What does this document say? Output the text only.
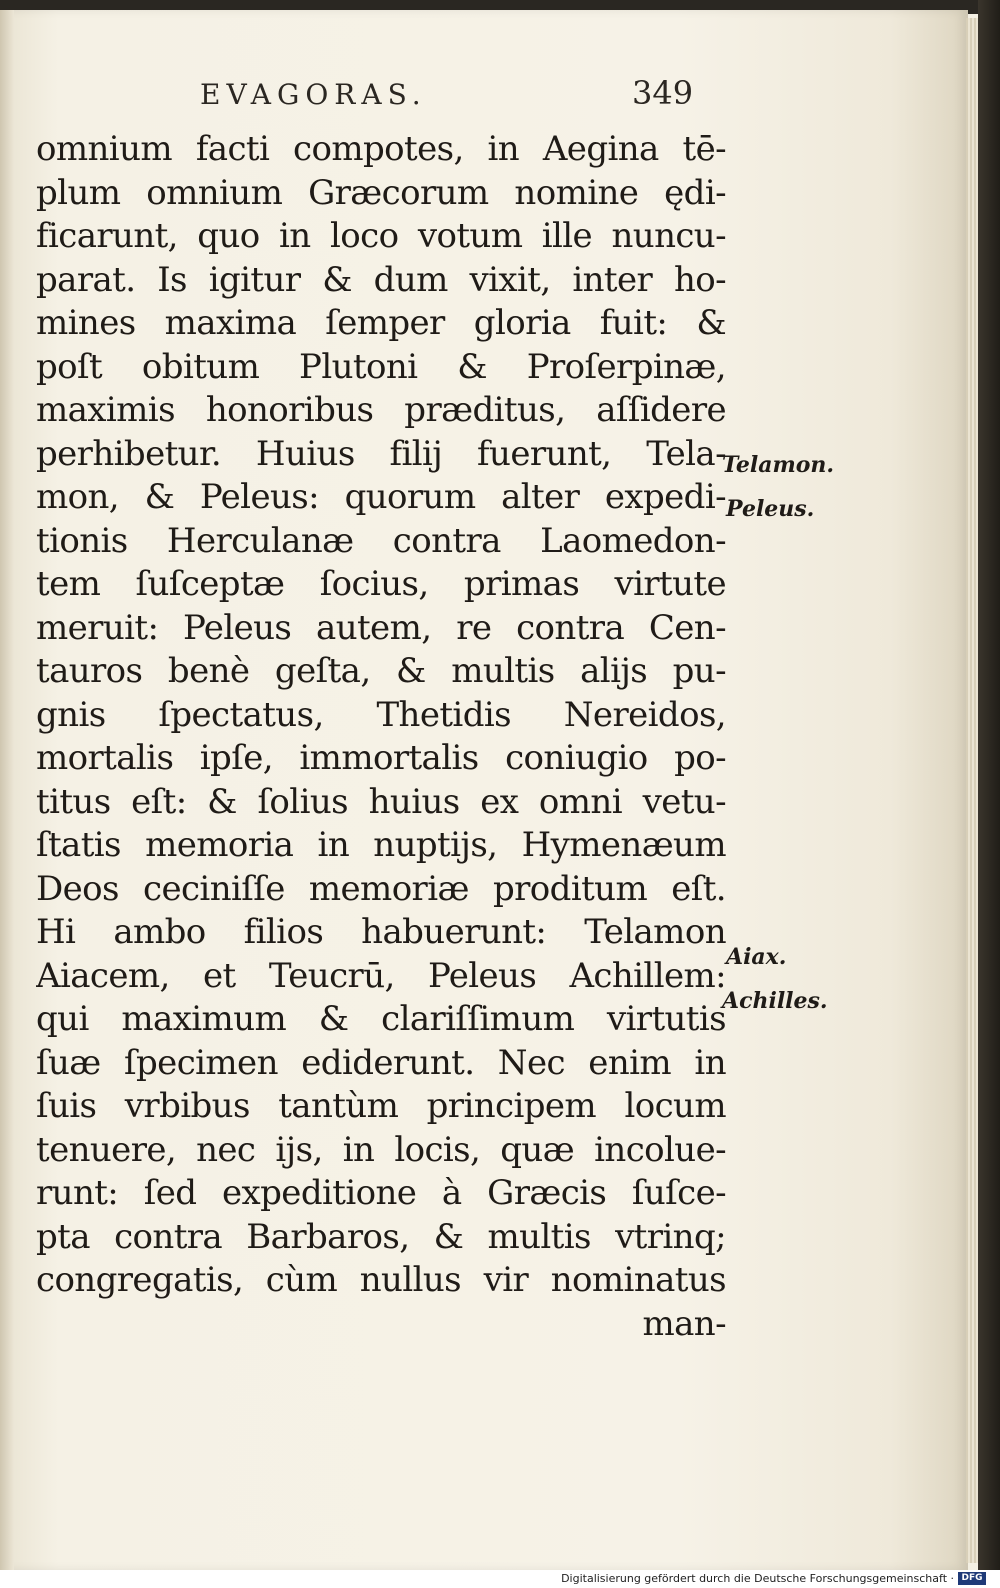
EVAGORAS.	349
omnium facti compotes, in Aegina tē-
plum omnium Græcorum nomine ędi-
ficarunt, quo in loco votum ille nuncu-
parat. Is igitur & dum vixit, inter ho-
mines maxima ſemper gloria fuit: &
poſt obitum Plutoni & Proſerpinæ,
maximis honoribus præditus, aſſidere
perhibetur. Huius filij fuerunt, Tela-
mon, & Peleus: quorum alter expedi-
tionis Herculanæ contra Laomedon-
tem ſuſceptæ ſocius, primas virtute
meruit: Peleus autem, re contra Cen-
tauros benè geſta, & multis alijs pu-
gnis ſpectatus, Thetidis Nereidos,
mortalis ipſe, immortalis coniugio po-
titus eſt: & ſolius huius ex omni vetu-
ſtatis memoria in nuptijs, Hymenæum
Deos ceciniſſe memoriæ proditum eſt.
Hi ambo filios habuerunt: Telamon
Aiacem, et Teucrū, Peleus Achillem:
qui maximum & clariſſimum virtutis
ſuæ ſpecimen ediderunt. Nec enim in
ſuis vrbibus tantùm principem locum
tenuere, nec ijs, in locis, quæ incolue-
runt: ſed expeditione à Græcis ſuſce-
pta contra Barbaros, & multis vtrinq;
congregatis, cùm nullus vir nominatus
man-
Telamon.
Peleus.
Aiax.
Achilles.
Digitalisierung gefördert durch die Deutsche Forschungsgemeinschaft · DFG
